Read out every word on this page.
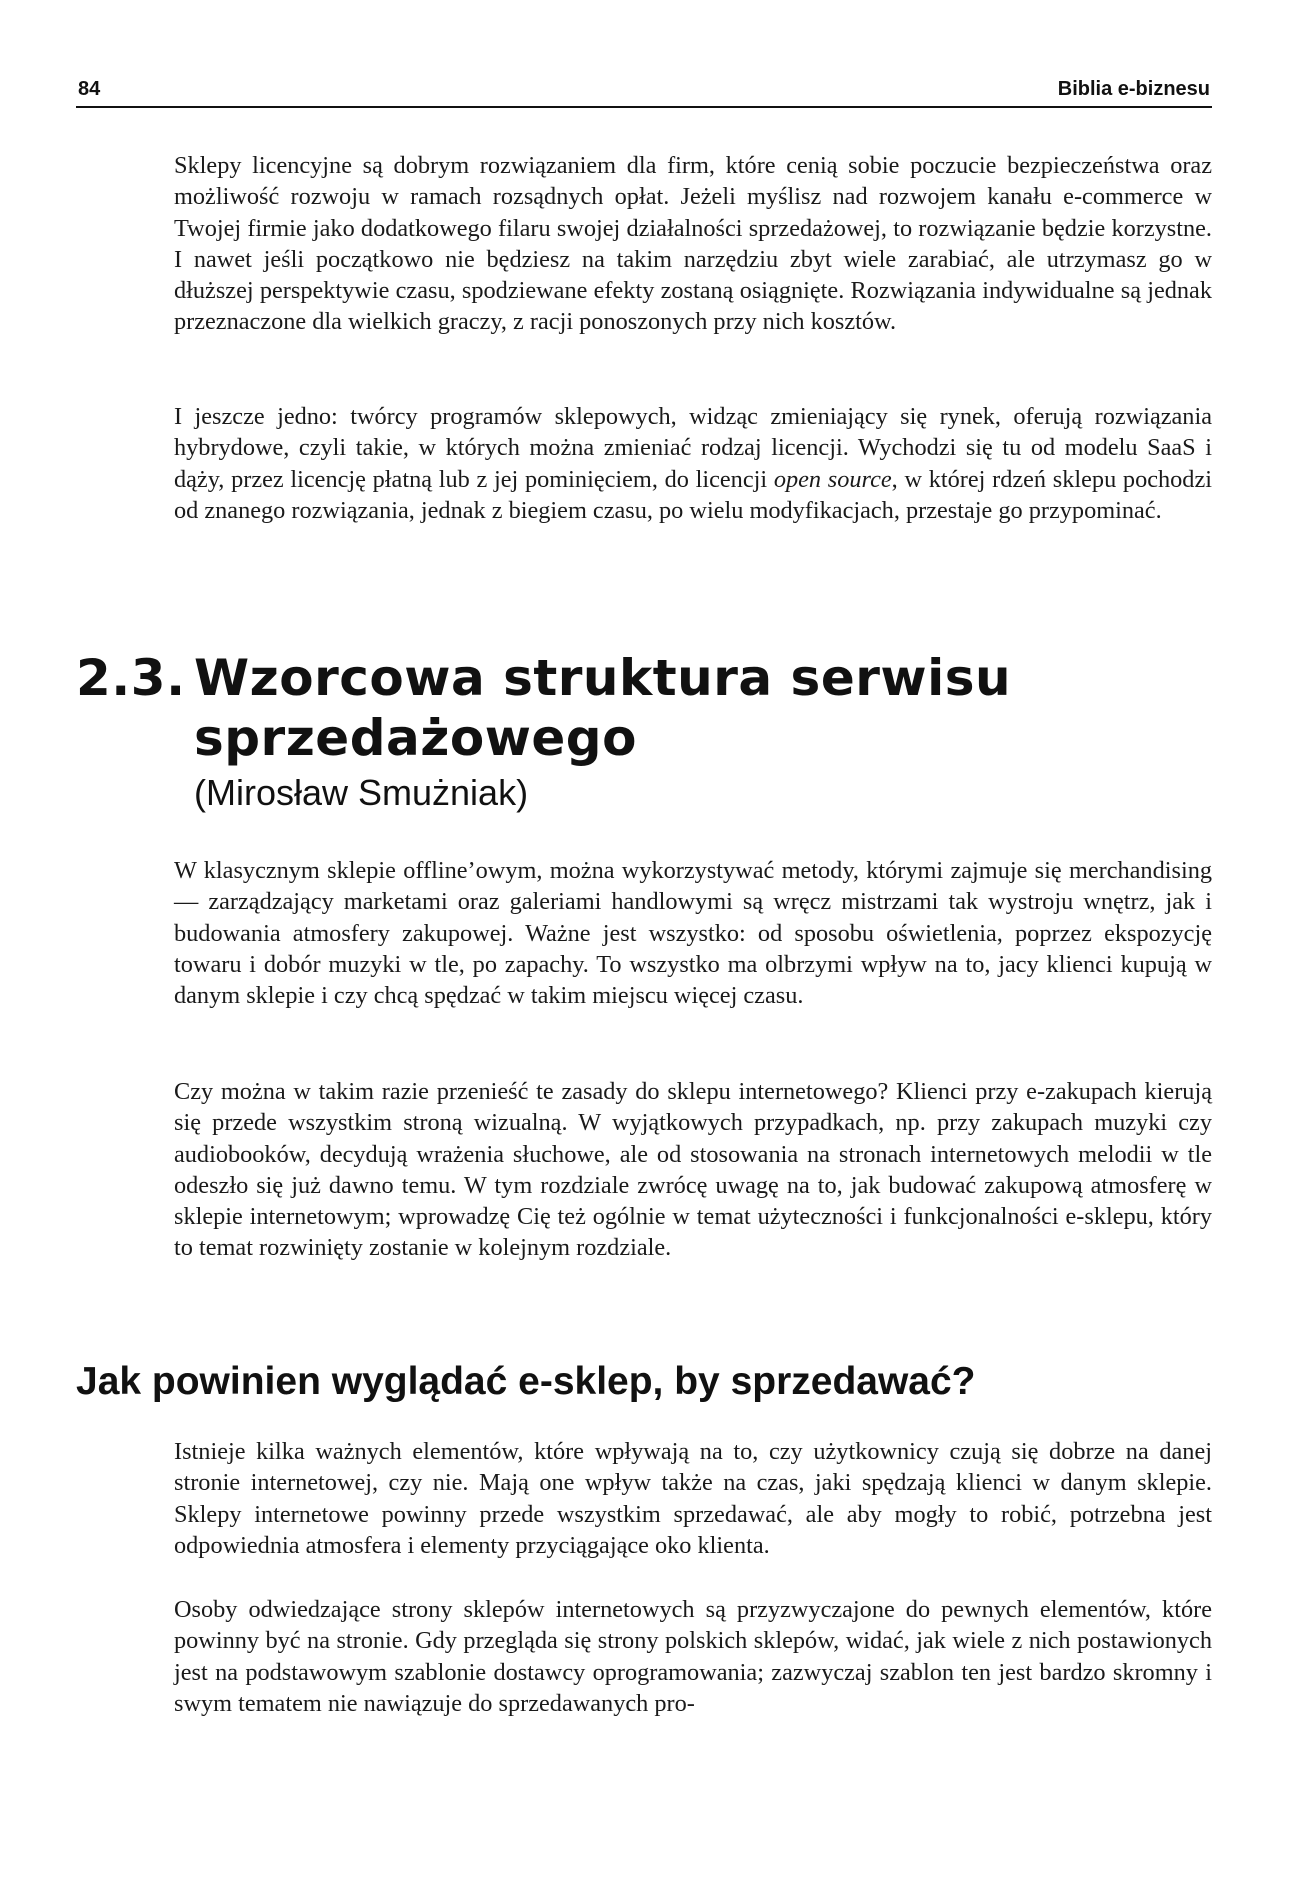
84	Biblia e-biznesu

Sklepy licencyjne są dobrym rozwiązaniem dla firm, które cenią sobie poczucie bezpieczeństwa oraz możliwość rozwoju w ramach rozsądnych opłat. Jeżeli myślisz nad rozwojem kanału e-commerce w Twojej firmie jako dodatkowego filaru swojej działalności sprzedażowej, to rozwiązanie będzie korzystne. I nawet jeśli początkowo nie będziesz na takim narzędziu zbyt wiele zarabiać, ale utrzymasz go w dłuższej perspektywie czasu, spodziewane efekty zostaną osiągnięte. Rozwiązania indywidualne są jednak przeznaczone dla wielkich graczy, z racji ponoszonych przy nich kosztów.

I jeszcze jedno: twórcy programów sklepowych, widząc zmieniający się rynek, oferują rozwiązania hybrydowe, czyli takie, w których można zmieniać rodzaj licencji. Wychodzi się tu od modelu SaaS i dąży, przez licencję płatną lub z jej pominięciem, do licencji open source, w której rdzeń sklepu pochodzi od znanego rozwiązania, jednak z biegiem czasu, po wielu modyfikacjach, przestaje go przypominać.

2.3. Wzorcowa struktura serwisu
sprzedażowego

(Mirosław Smużniak)

W klasycznym sklepie offline’owym, można wykorzystywać metody, którymi zajmuje się merchandising — zarządzający marketami oraz galeriami handlowymi są wręcz mistrzami tak wystroju wnętrz, jak i budowania atmosfery zakupowej. Ważne jest wszystko: od sposobu oświetlenia, poprzez ekspozycję towaru i dobór muzyki w tle, po zapachy. To wszystko ma olbrzymi wpływ na to, jacy klienci kupują w danym sklepie i czy chcą spędzać w takim miejscu więcej czasu.

Czy można w takim razie przenieść te zasady do sklepu internetowego? Klienci przy e-zakupach kierują się przede wszystkim stroną wizualną. W wyjątkowych przypadkach, np. przy zakupach muzyki czy audiobooków, decydują wrażenia słuchowe, ale od stosowania na stronach internetowych melodii w tle odeszło się już dawno temu. W tym rozdziale zwrócę uwagę na to, jak budować zakupową atmosferę w sklepie internetowym; wprowadzę Cię też ogólnie w temat użyteczności i funkcjonalności e-sklepu, który to temat rozwinięty zostanie w kolejnym rozdziale.

Jak powinien wyglądać e-sklep, by sprzedawać?

Istnieje kilka ważnych elementów, które wpływają na to, czy użytkownicy czują się dobrze na danej stronie internetowej, czy nie. Mają one wpływ także na czas, jaki spędzają klienci w danym sklepie. Sklepy internetowe powinny przede wszystkim sprzedawać, ale aby mogły to robić, potrzebna jest odpowiednia atmosfera i elementy przyciągające oko klienta.

Osoby odwiedzające strony sklepów internetowych są przyzwyczajone do pewnych elementów, które powinny być na stronie. Gdy przegląda się strony polskich sklepów, widać, jak wiele z nich postawionych jest na podstawowym szablonie dostawcy oprogramowania; zazwyczaj szablon ten jest bardzo skromny i swym tematem nie nawiązuje do sprzedawanych pro-
